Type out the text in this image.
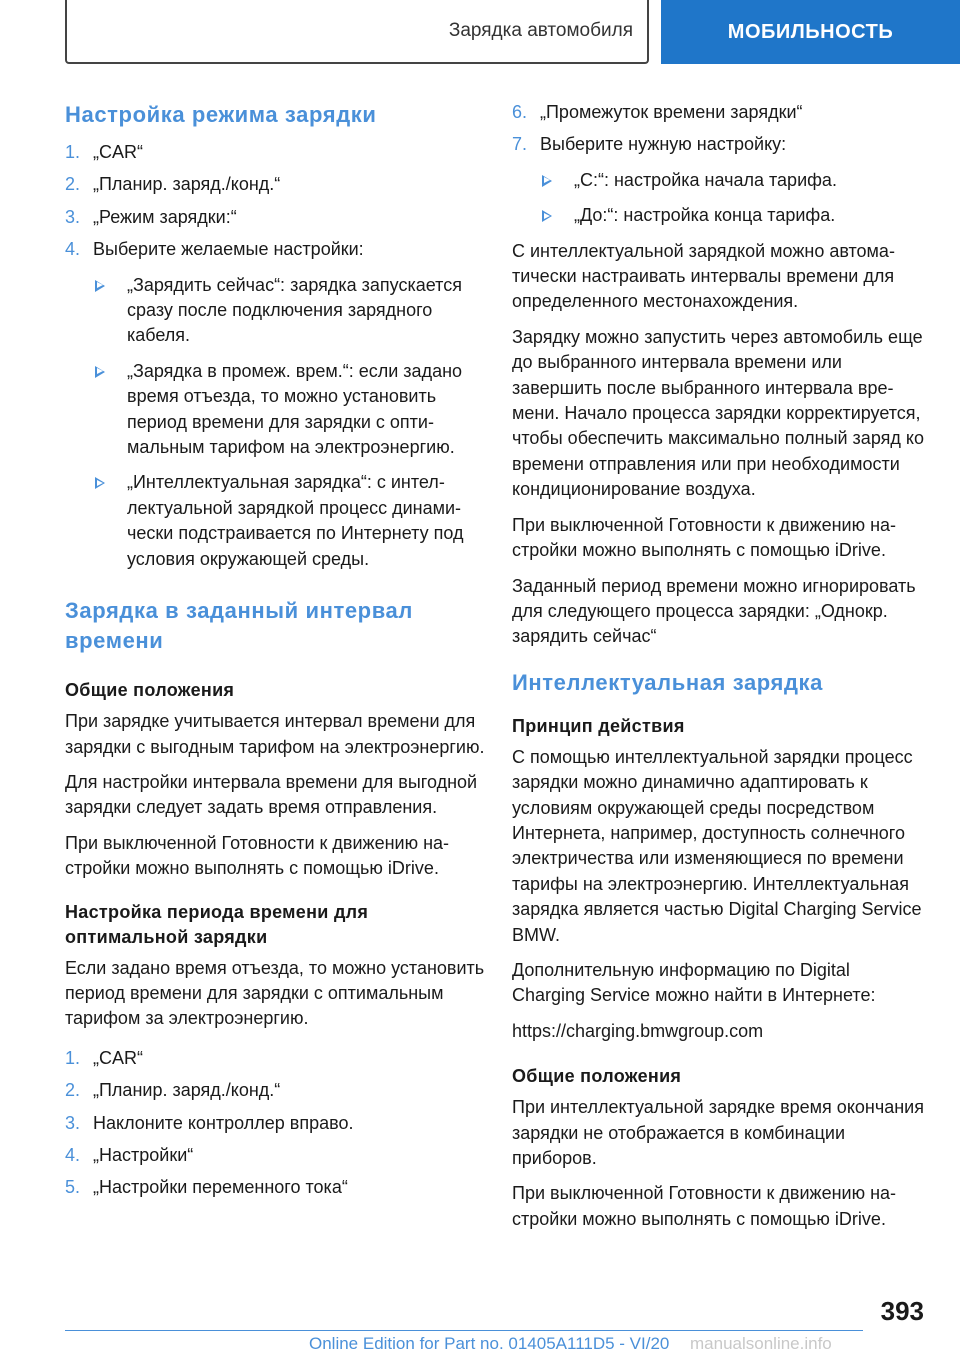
Зарядка автомобиля	МОБИЛЬНОСТЬ
Настройка режима зарядки
1. „CAR“
2. „Планир. заряд./конд.“
3. „Режим зарядки:“
4. Выберите желаемые настройки:
„Зарядить сейчас“: зарядка запускается сразу после подключения зарядного кабеля.
„Зарядка в промеж. врем.“: если задано время отъезда, то можно установить период времени для зарядки с оптимальным тарифом на электроэнергию.
„Интеллектуальная зарядка“: с интеллектуальной зарядкой процесс динамически подстраивается по Интернету под условия окружающей среды.
Зарядка в заданный интервал времени
Общие положения

При зарядке учитывается интервал времени для зарядки с выгодным тарифом на электроэнергию.

Для настройки интервала времени для выгодной зарядки следует задать время отправления.

При выключенной Готовности к движению настройки можно выполнять с помощью iDrive.

Настройка периода времени для оптимальной зарядки

Если задано время отъезда, то можно установить период времени для зарядки с оптимальным тарифом за электроэнергию.

1. „CAR“
2. „Планир. заряд./конд.“
3. Наклоните контроллер вправо.
4. „Настройки“
5. „Настройки переменного тока“
6. „Промежуток времени зарядки“
7. Выберите нужную настройку:
„С:“: настройка начала тарифа.
„До:“: настройка конца тарифа.

С интеллектуальной зарядкой можно автоматически настраивать интервалы времени для определенного местонахождения.

Зарядку можно запустить через автомобиль еще до выбранного интервала времени или завершить после выбранного интервала времени. Начало процесса зарядки корректируется, чтобы обеспечить максимально полный заряд ко времени отправления или при необходимости кондиционирование воздуха.

При выключенной Готовности к движению настройки можно выполнять с помощью iDrive.

Заданный период времени можно игнорировать для следующего процесса зарядки: „Однокр. зарядить сейчас“

Интеллектуальная зарядка
Принцип действия

С помощью интеллектуальной зарядки процесс зарядки можно динамично адаптировать к условиям окружающей среды посредством Интернета, например, доступность солнечного электричества или изменяющиеся по времени тарифы на электроэнергию. Интеллектуальная зарядка является частью Digital Charging Service BMW.

Дополнительную информацию по Digital Charging Service можно найти в Интернете:

https://charging.bmwgroup.com

Общие положения

При интеллектуальной зарядке время окончания зарядки не отображается в комбинации приборов.

При выключенной Готовности к движению настройки можно выполнять с помощью iDrive.

393
Online Edition for Part no. 01405A111D5 - VI/20 manualsonline.info
